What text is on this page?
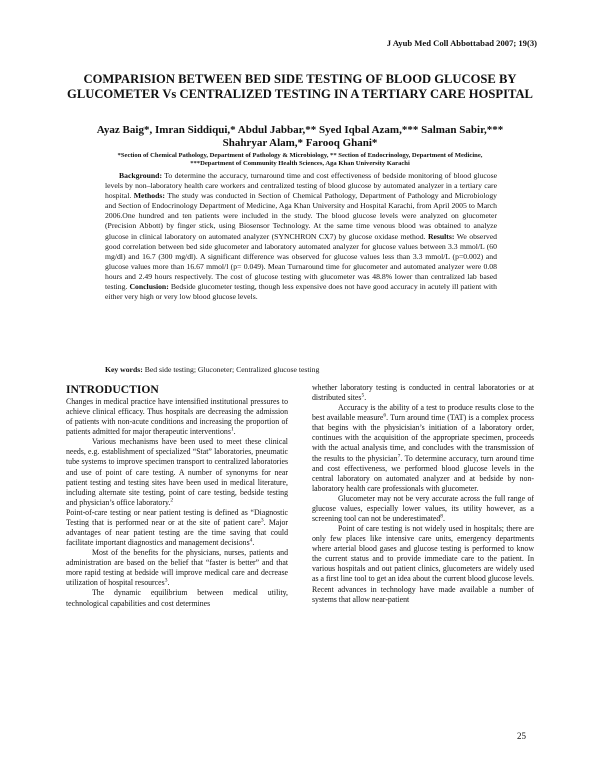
J Ayub Med Coll Abbottabad 2007; 19(3)
COMPARISION BETWEEN BED SIDE TESTING OF BLOOD GLUCOSE BY GLUCOMETER Vs CENTRALIZED TESTING IN A TERTIARY CARE HOSPITAL
Ayaz Baig*, Imran Siddiqui,* Abdul Jabbar,** Syed Iqbal Azam,*** Salman Sabir,***
Shahryar Alam,* Farooq Ghani*
*Section of Chemical Pathology, Department of Pathology & Microbiology, ** Section of Endocrinology, Department of Medicine,
***Department of Community Health Sciences, Aga Khan University Karachi

Background: To determine the accuracy, turnaround time and cost effectiveness of bedside monitoring of blood glucose levels by non–laboratory health care workers and centralized testing of blood glucose by automated analyzer in a tertiary care hospital. Methods: The study was conducted in Section of Chemical Pathology, Department of Pathology and Microbiology and Section of Endocrinology Department of Medicine, Aga Khan University and Hospital Karachi, from April 2005 to March 2006.One hundred and ten patients were included in the study. The blood glucose levels were analyzed on glucometer (Precision Abbott) by finger stick, using Biosensor Technology. At the same time venous blood was obtained to analyze glucose in clinical laboratory on automated analyzer (SYNCHRON CX7) by glucose oxidase method. Results: We observed good correlation between bed side glucometer and laboratory automated analyzer for glucose values between 3.3 mmol/L (60 mg/dl) and 16.7 (300 mg/dl). A significant difference was observed for glucose values less than 3.3 mmol/L (p=0.002) and glucose values more than 16.67 mmol/l (p= 0.049). Mean Turnaround time for glucometer and automated analyzer were 0.08 hours and 2.49 hours respectively. The cost of glucose testing with glucometer was 48.8% lower than centralized lab based testing. Conclusion: Bedside glucometer testing, though less expensive does not have good accuracy in acutely ill patient with either very high or very low blood glucose levels.

Key words: Bed side testing; Gluconeter; Centralized glucose testing

INTRODUCTION

Changes in medical practice have intensified institutional pressures to achieve clinical efficacy. Thus hospitals are decreasing the admission of patients with non-acute conditions and increasing the proportion of patients admitted for major therapeutic interventions$^1$.

Various mechanisms have been used to meet these clinical needs, e.g. establishment of specialized “Stat” laboratories, pneumatic tube systems to improve specimen transport to centralized laboratories and use of point of care testing. A number of synonyms for near patient testing and testing sites have been used in medical literature, including alternate site testing, point of care testing, bedside testing and physician’s office laboratory.$^2$

Point-of-care testing or near patient testing is defined as “Diagnostic Testing that is performed near or at the site of patient care$^3$. Major advantages of near patient testing are the time saving that could facilitate important diagnostics and management decisions$^4$.

Most of the benefits for the physicians, nurses, patients and administration are based on the belief that “faster is better” and that more rapid testing at bedside will improve medical care and decrease utilization of hospital resources$^3$.

The dynamic equilibrium between medical utility, technological capabilities and cost determines

whether laboratory testing is conducted in central laboratories or at distributed sites$^5$.

Accuracy is the ability of a test to produce results close to the best available measure$^6$. Turn around time (TAT) is a complex process that begins with the physicisian’s initiation of a laboratory order, continues with the acquisition of the appropriate specimen, proceeds with the actual analysis time, and concludes with the transmission of the results to the physician$^7$. To determine accuracy, turn around time and cost effectiveness, we performed blood glucose levels in the central laboratory on automated analyzer and at bedside by non-laboratory health care professionals with glucometer.

Glucometer may not be very accurate across the full range of glucose values, especially lower values, its utility however, as a screening tool can not be underestimated$^8$.

Point of care testing is not widely used in hospitals; there are only few places like intensive care units, emergency departments where arterial blood gases and glucose testing is performed to know the current status and to provide immediate care to the patient. In various hospitals and out patient clinics, glucometers are widely used as a first line tool to get an idea about the current blood glucose levels. Recent advances in technology have made available a number of systems that allow near-patient

25
